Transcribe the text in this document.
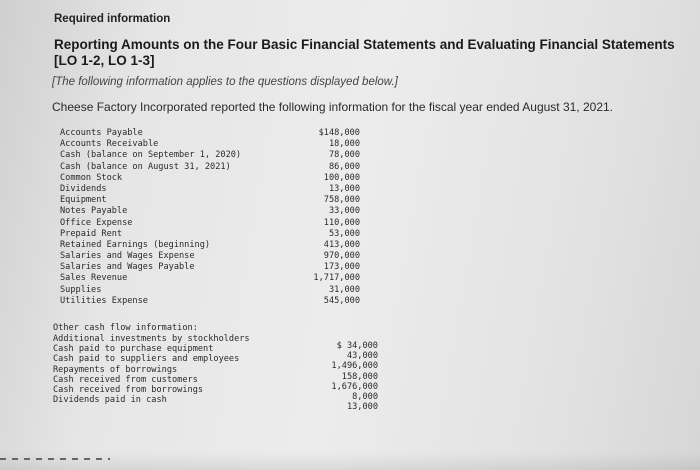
Required information
Reporting Amounts on the Four Basic Financial Statements and Evaluating Financial Statements [LO 1-2, LO 1-3]
[The following information applies to the questions displayed below.]
Cheese Factory Incorporated reported the following information for the fiscal year ended August 31, 2021.
Accounts Payable
Accounts Receivable
Cash (balance on September 1, 2020)
Cash (balance on August 31, 2021)
Common Stock
Dividends
Equipment
Notes Payable
Office Expense
Prepaid Rent
Retained Earnings (beginning)
Salaries and Wages Expense
Salaries and Wages Payable
Sales Revenue
Supplies
Utilities Expense
$148,000
18,000
78,000
86,000
100,000
13,000
758,000
33,000
110,000
53,000
413,000
970,000
173,000
1,717,000
31,000
545,000
Other cash flow information:
Additional investments by stockholders
Cash paid to purchase equipment
Cash paid to suppliers and employees
Repayments of borrowings
Cash received from customers
Cash received from borrowings
Dividends paid in cash
$ 34,000
43,000
1,496,000
158,000
1,676,000
8,000
13,000
